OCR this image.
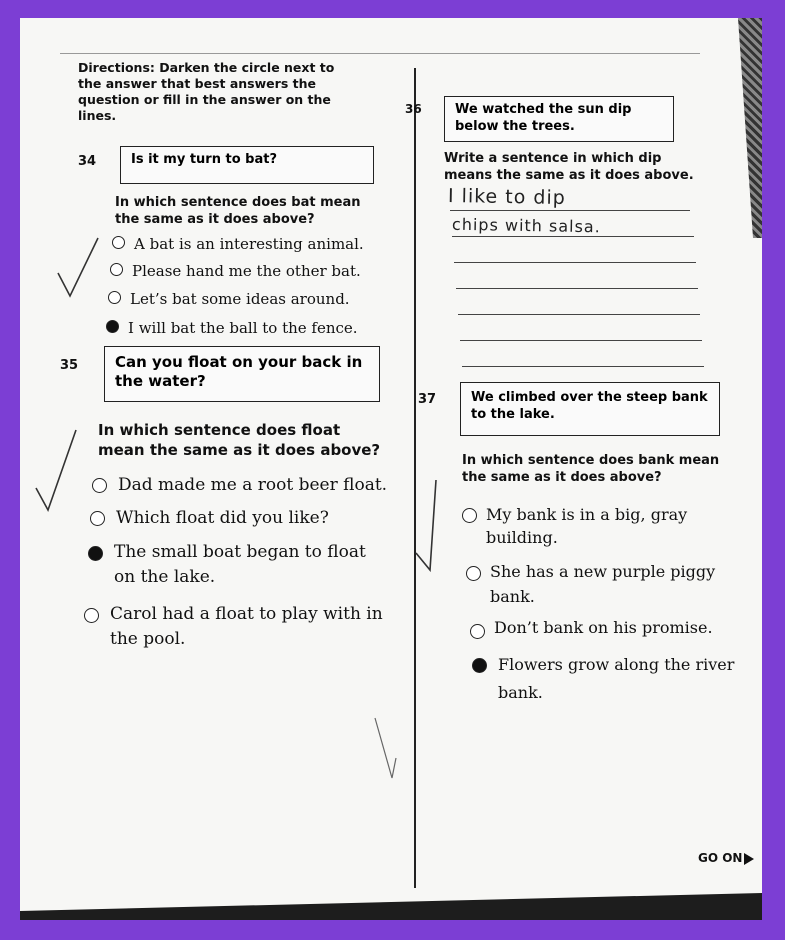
Directions: Darken the circle next to the answer that best answers the question or fill in the answer on the lines.
34	Is it my turn to bat?
In which sentence does bat mean the same as it does above?
A bat is an interesting animal.
Please hand me the other bat.
Let’s bat some ideas around.
I will bat the ball to the fence.
35	Can you float on your back in the water?
In which sentence does float mean the same as it does above?
Dad made me a root beer float.
Which float did you like?
The small boat began to float on the lake.
Carol had a float to play with in the pool.
36	We watched the sun dip below the trees.
Write a sentence in which dip means the same as it does above.
I like to dip
chips with salsa.
37	We climbed over the steep bank to the lake.
In which sentence does bank mean the same as it does above?
My bank is in a big, gray building.
She has a new purple piggy bank.
Don’t bank on his promise.
Flowers grow along the river bank.
GO ON
